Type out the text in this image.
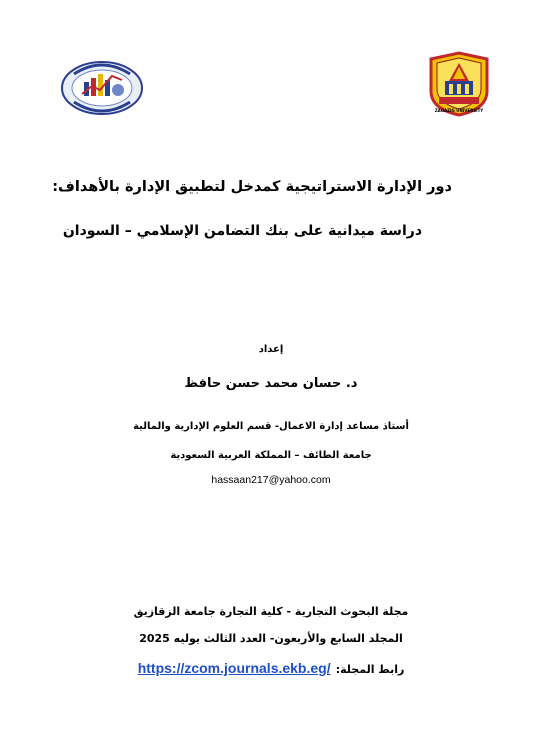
ZAGAZIG UNIVERSITY
دور الإدارة الاستراتيجية كمدخل لتطبيق الإدارة بالأهداف:
دراسة ميدانية على بنك التضامن الإسلامي – السودان
إعداد
د. حسان محمد حسن حافظ
أستاذ مساعد إدارة الاعمال- قسم العلوم الإدارية والمالية
جامعة الطائف – المملكة العربية السعودية
hassaan217@yahoo.com
مجلة البحوث التجارية - كلية التجارة جامعة الزقازيق
المجلد السابع والأربعون- العدد الثالث يوليه 2025
https://zcom.journals.ekb.eg/ رابط المجلة:
